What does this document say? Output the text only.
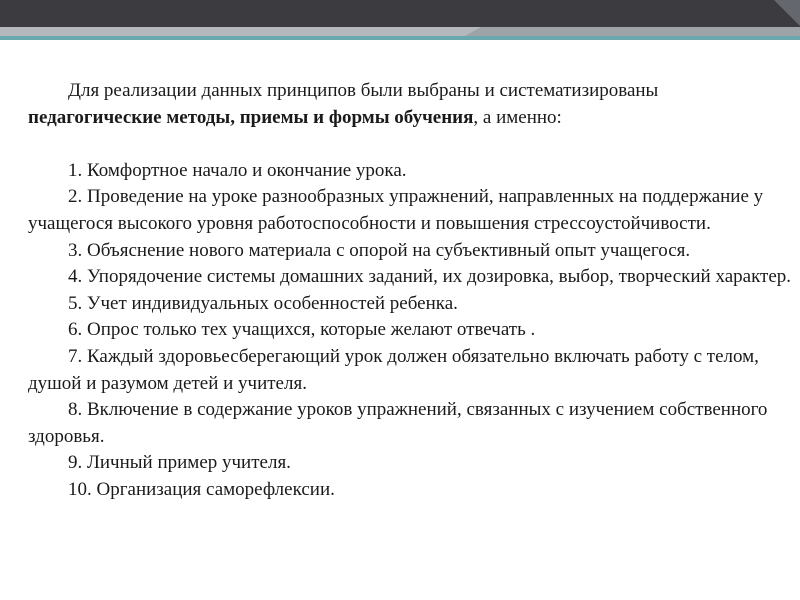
Для реализации данных принципов были выбраны и систематизированы педагогические методы, приемы и формы обучения, а именно:

1. Комфортное начало и окончание урока.

2. Проведение на уроке разнообразных упражнений, направленных на поддержание у учащегося высокого уровня работоспособности и повышения стрессоустойчивости.

3. Объяснение нового материала с опорой на субъективный опыт учащегося.

4. Упорядочение системы домашних заданий, их дозировка, выбор, творческий характер.

5. Учет индивидуальных особенностей ребенка.

6. Опрос только тех учащихся, которые желают отвечать .

7. Каждый здоровьесберегающий урок должен обязательно включать работу с телом, душой и разумом детей и учителя.

8. Включение в содержание уроков упражнений, связанных с изучением собственного здоровья.

9. Личный пример учителя.

10. Организация саморефлексии.
